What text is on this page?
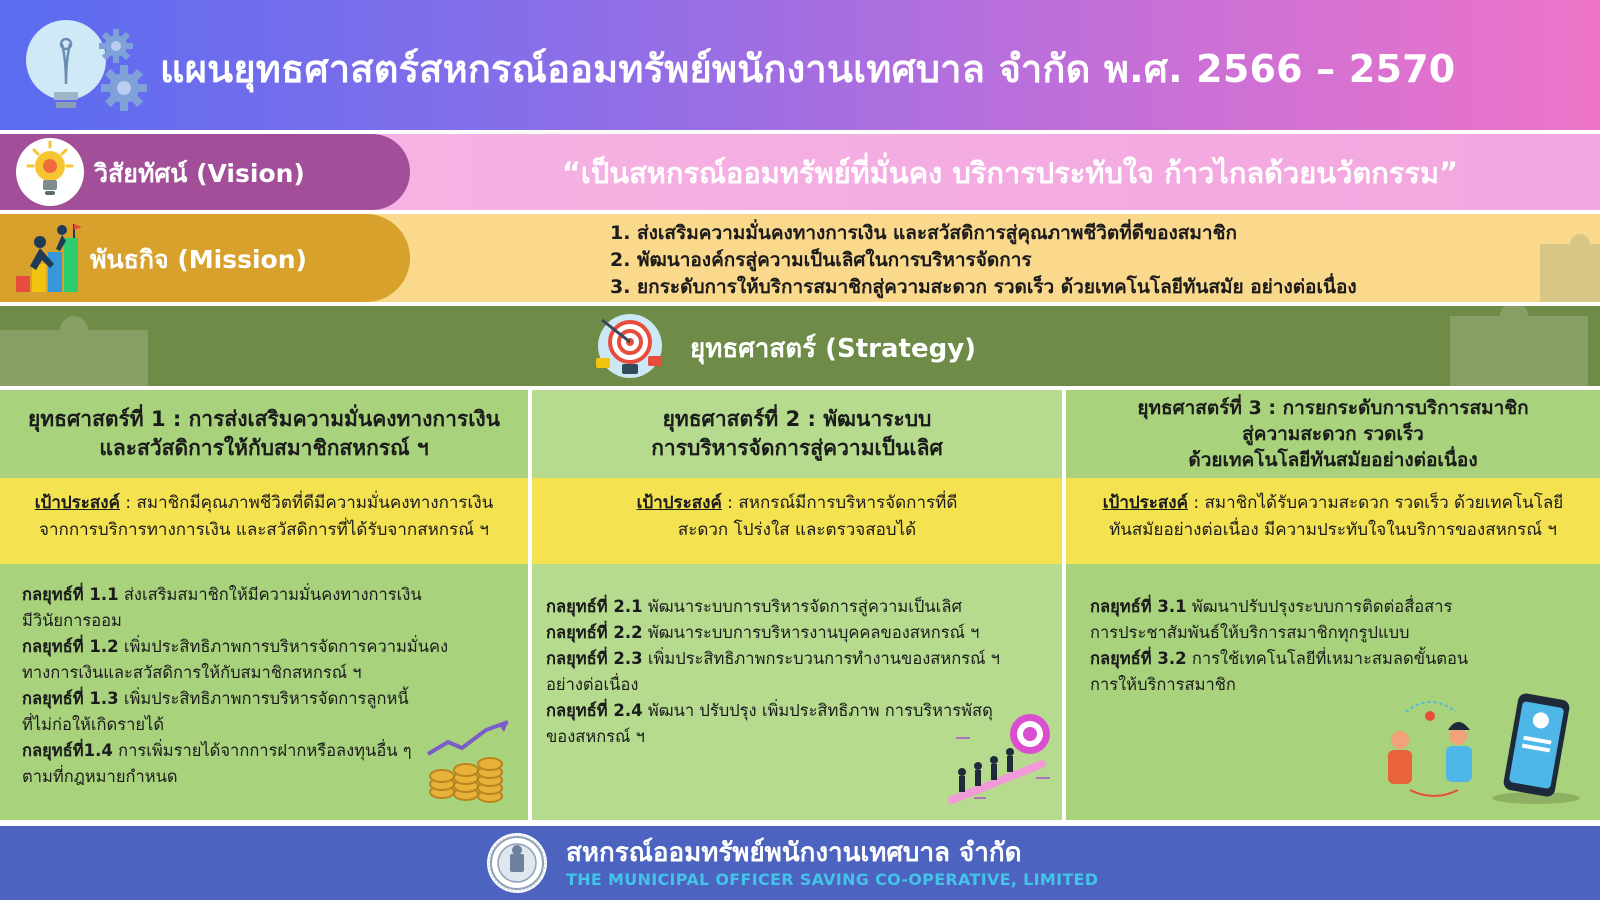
แผนยุทธศาสตร์สหกรณ์ออมทรัพย์พนักงานเทศบาล จำกัด พ.ศ. 2566 – 2570
วิสัยทัศน์ (Vision)	“เป็นสหกรณ์ออมทรัพย์ที่มั่นคง บริการประทับใจ ก้าวไกลด้วยนวัตกรรม”
พันธกิจ (Mission)
1. ส่งเสริมความมั่นคงทางการเงิน และสวัสดิการสู่คุณภาพชีวิตที่ดีของสมาชิก
2. พัฒนาองค์กรสู่ความเป็นเลิศในการบริหารจัดการ
3. ยกระดับการให้บริการสมาชิกสู่ความสะดวก รวดเร็ว ด้วยเทคโนโลยีทันสมัย อย่างต่อเนื่อง
ยุทธศาสตร์ (Strategy)
ยุทธศาสตร์ที่ 1 : การส่งเสริมความมั่นคงทางการเงิน
และสวัสดิการให้กับสมาชิกสหกรณ์ ฯ
เป้าประสงค์ : สมาชิกมีคุณภาพชีวิตที่ดีมีความมั่นคงทางการเงิน
จากการบริการทางการเงิน และสวัสดิการที่ได้รับจากสหกรณ์ ฯ
กลยุทธ์ที่ 1.1 ส่งเสริมสมาชิกให้มีความมั่นคงทางการเงิน
มีวินัยการออม
กลยุทธ์ที่ 1.2 เพิ่มประสิทธิภาพการบริหารจัดการความมั่นคง
ทางการเงินและสวัสดิการให้กับสมาชิกสหกรณ์ ฯ
กลยุทธ์ที่ 1.3 เพิ่มประสิทธิภาพการบริหารจัดการลูกหนี้
ที่ไม่ก่อให้เกิดรายได้
กลยุทธ์ที่1.4 การเพิ่มรายได้จากการฝากหรือลงทุนอื่น ๆ
ตามที่กฎหมายกำหนด
ยุทธศาสตร์ที่ 2 : พัฒนาระบบ
การบริหารจัดการสู่ความเป็นเลิศ
เป้าประสงค์ : สหกรณ์มีการบริหารจัดการที่ดี
สะดวก โปร่งใส และตรวจสอบได้
กลยุทธ์ที่ 2.1 พัฒนาระบบการบริหารจัดการสู่ความเป็นเลิศ
กลยุทธ์ที่ 2.2 พัฒนาระบบการบริหารงานบุคคลของสหกรณ์ ฯ
กลยุทธ์ที่ 2.3 เพิ่มประสิทธิภาพกระบวนการทำงานของสหกรณ์ ฯ
อย่างต่อเนื่อง
กลยุทธ์ที่ 2.4 พัฒนา ปรับปรุง เพิ่มประสิทธิภาพ การบริหารพัสดุ
ของสหกรณ์ ฯ
ยุทธศาสตร์ที่ 3 : การยกระดับการบริการสมาชิก
สู่ความสะดวก รวดเร็ว
ด้วยเทคโนโลยีทันสมัยอย่างต่อเนื่อง
เป้าประสงค์ : สมาชิกได้รับความสะดวก รวดเร็ว ด้วยเทคโนโลยี
ทันสมัยอย่างต่อเนื่อง มีความประทับใจในบริการของสหกรณ์ ฯ
กลยุทธ์ที่ 3.1 พัฒนาปรับปรุงระบบการติดต่อสื่อสาร
การประชาสัมพันธ์ให้บริการสมาชิกทุกรูปแบบ
กลยุทธ์ที่ 3.2 การใช้เทคโนโลยีที่เหมาะสมลดขั้นตอน
การให้บริการสมาชิก
สหกรณ์ออมทรัพย์พนักงานเทศบาล จำกัด
THE MUNICIPAL OFFICER SAVING CO-OPERATIVE, LIMITED
